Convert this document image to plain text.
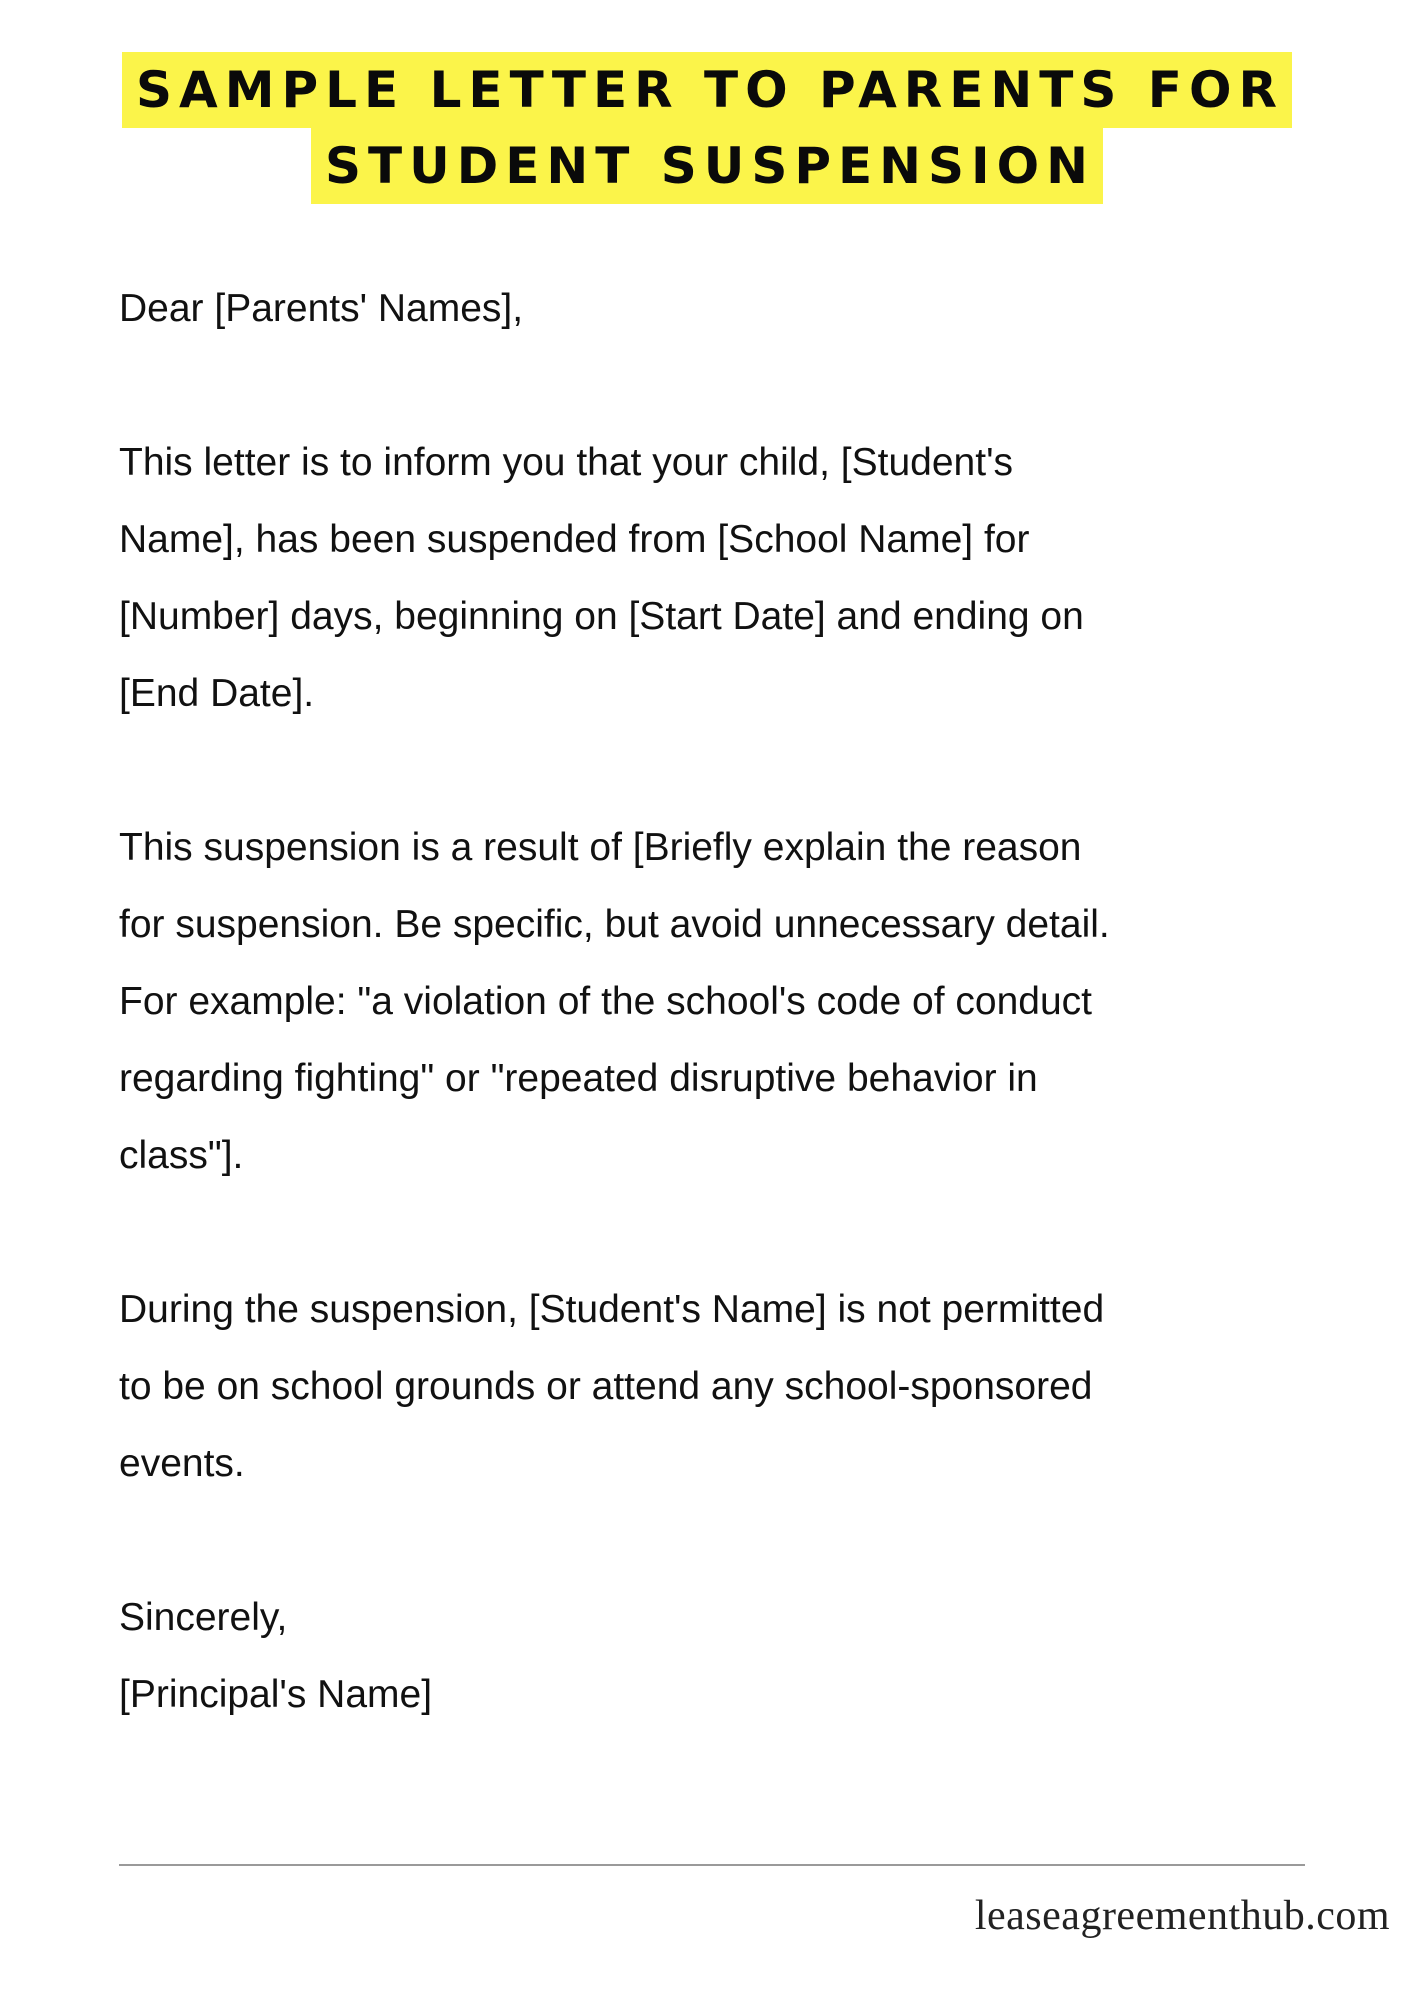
SAMPLE LETTER TO PARENTS FOR
STUDENT SUSPENSION

Dear [Parents' Names],

This letter is to inform you that your child, [Student's
Name], has been suspended from [School Name] for
[Number] days, beginning on [Start Date] and ending on
[End Date].

This suspension is a result of [Briefly explain the reason
for suspension. Be specific, but avoid unnecessary detail.
For example: "a violation of the school's code of conduct
regarding fighting" or "repeated disruptive behavior in
class"].

During the suspension, [Student's Name] is not permitted
to be on school grounds or attend any school-sponsored
events.

Sincerely,
[Principal's Name]

leaseagreementhub.com
